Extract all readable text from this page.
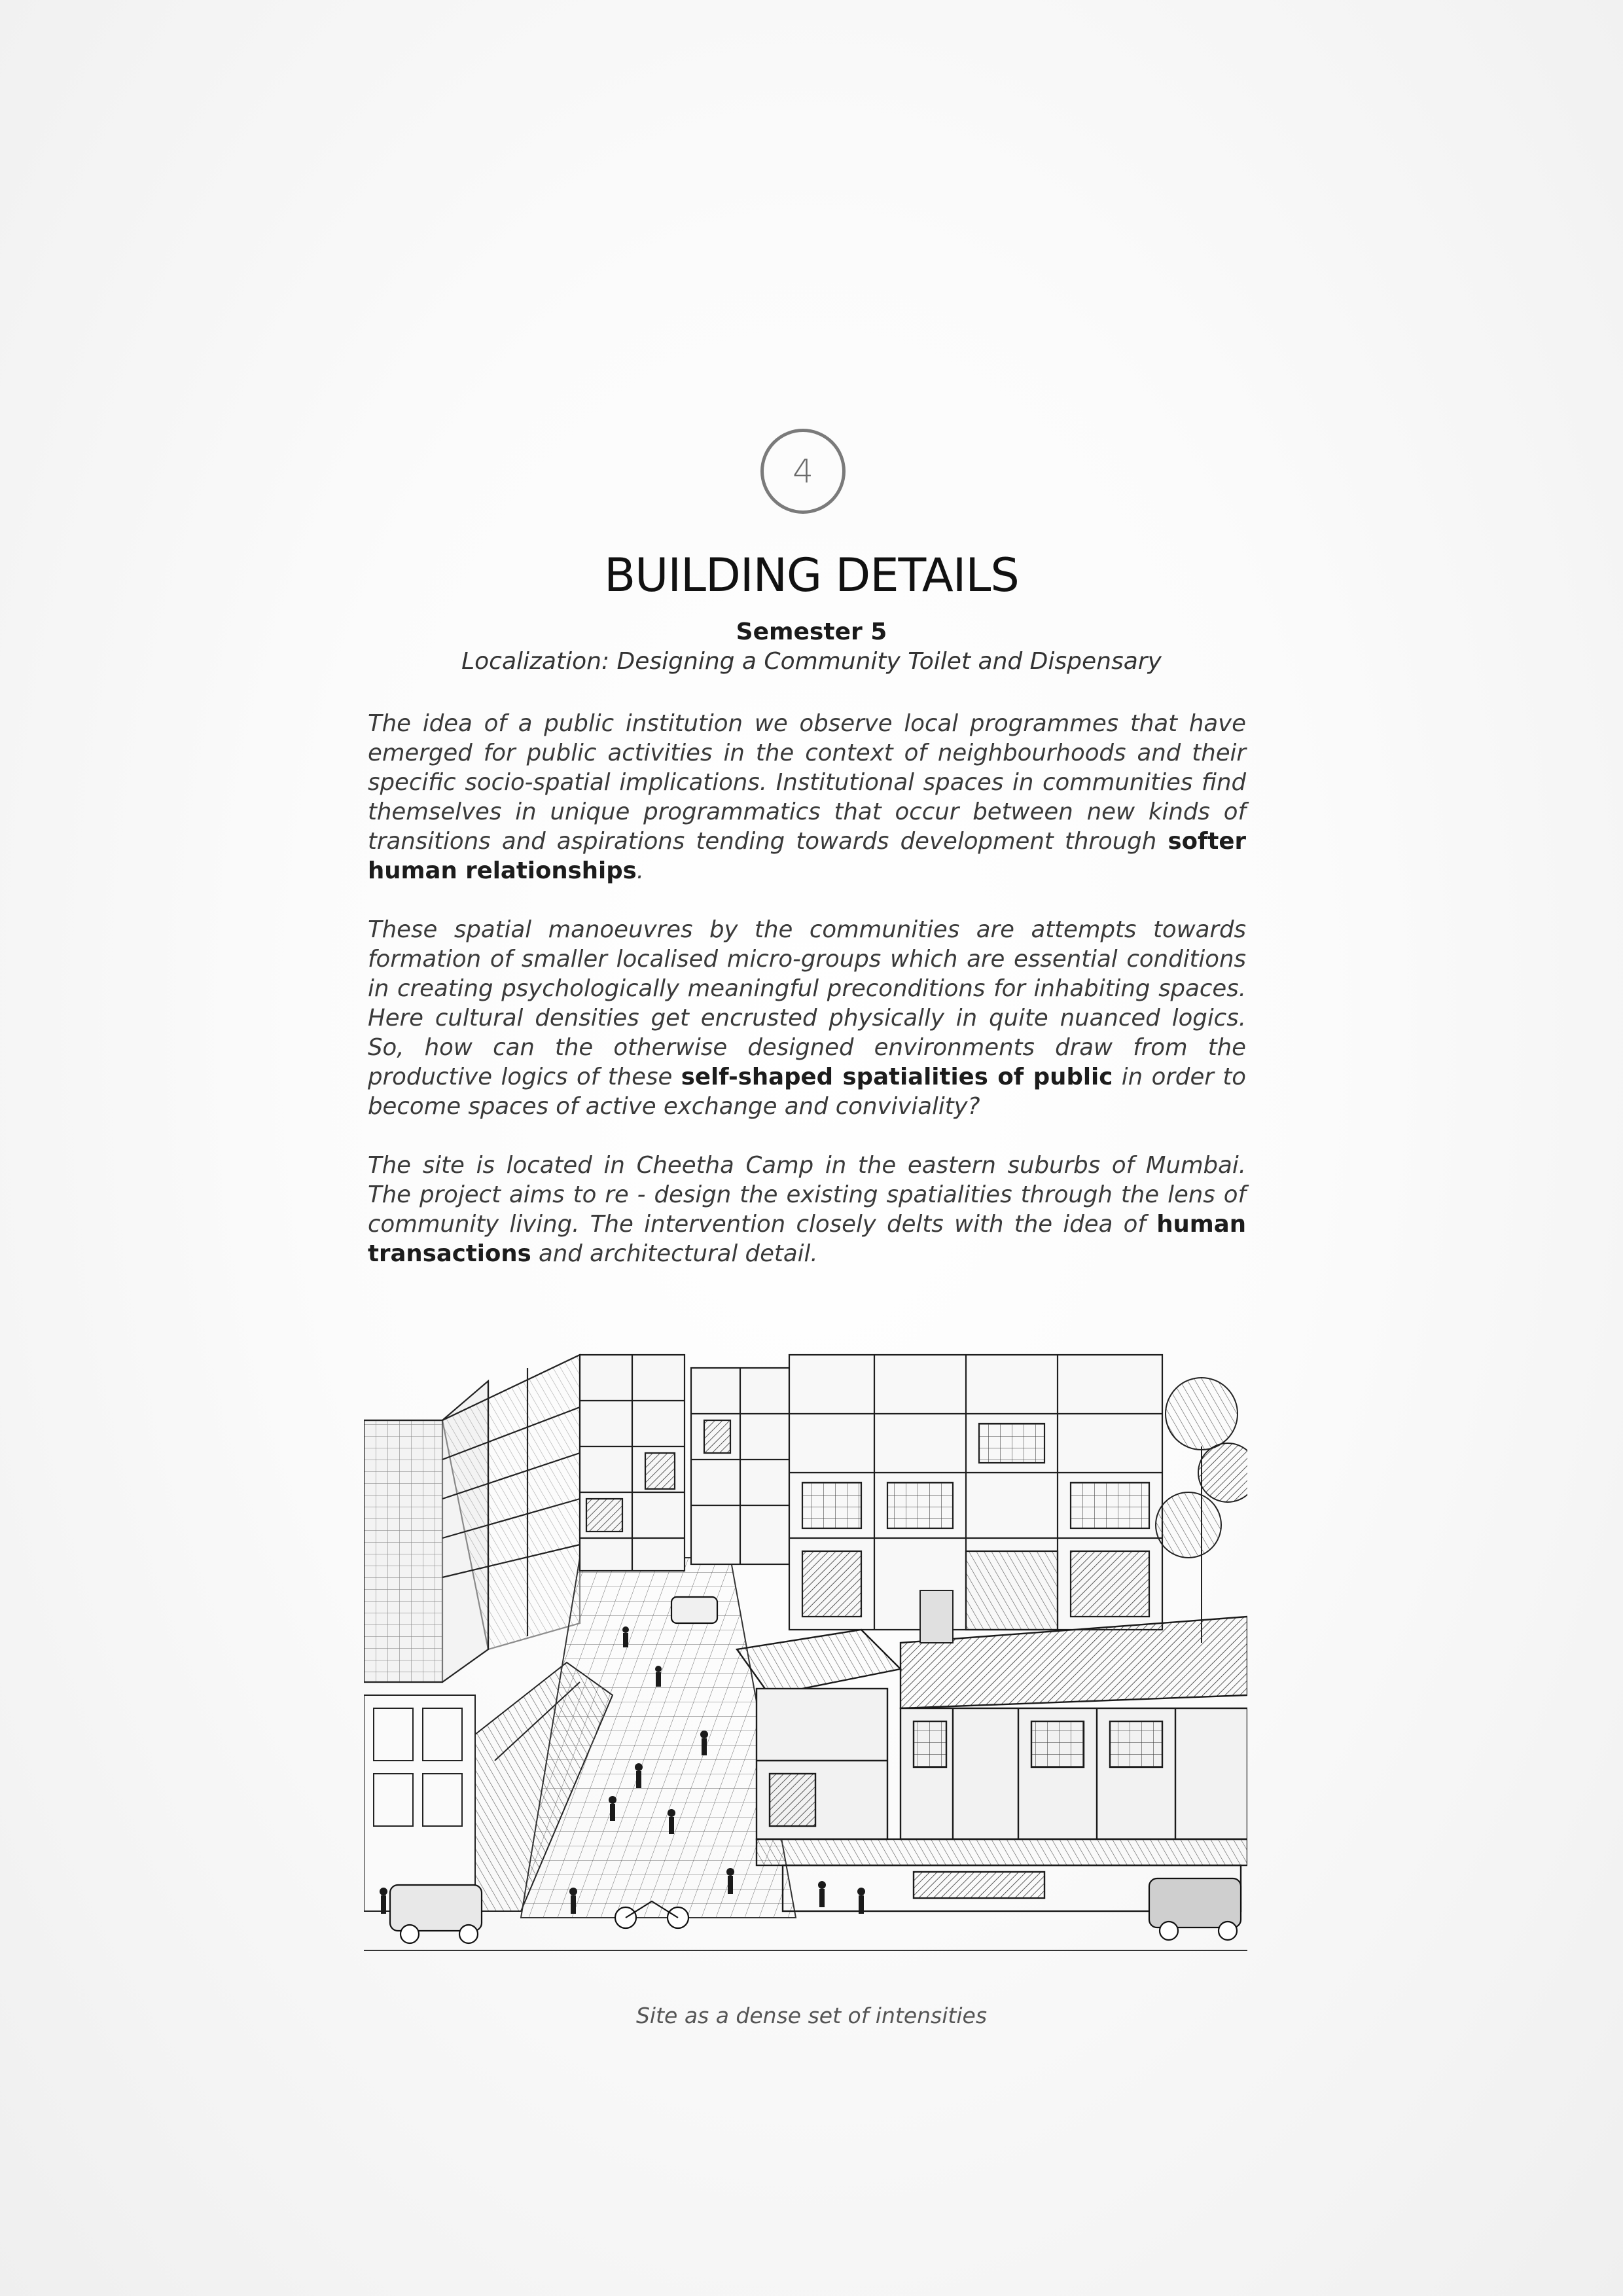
4
BUILDING DETAILS
Semester 5
Localization: Designing a Community Toilet and Dispensary

The idea of a public institution we observe local programmes that have emerged for public activities in the context of neighbourhoods and their specific socio-spatial implications. Institutional spaces in communities find themselves in unique programmatics that occur between new kinds of transitions and aspirations tending towards development through softer human relationships.

These spatial manoeuvres by the communities are attempts towards formation of smaller localised micro-groups which are essential conditions in creating psychologically meaningful preconditions for inhabiting spaces. Here cultural densities get encrusted physically in quite nuanced logics. So, how can the otherwise designed environments draw from the productive logics of these self-shaped spatialities of public in order to become spaces of active exchange and conviviality?

The site is located in Cheetha Camp in the eastern suburbs of Mumbai. The project aims to re - design the existing spatialities through the lens of community living. The intervention closely delts with the idea of human transactions and architectural detail.

Site as a dense set of intensities
